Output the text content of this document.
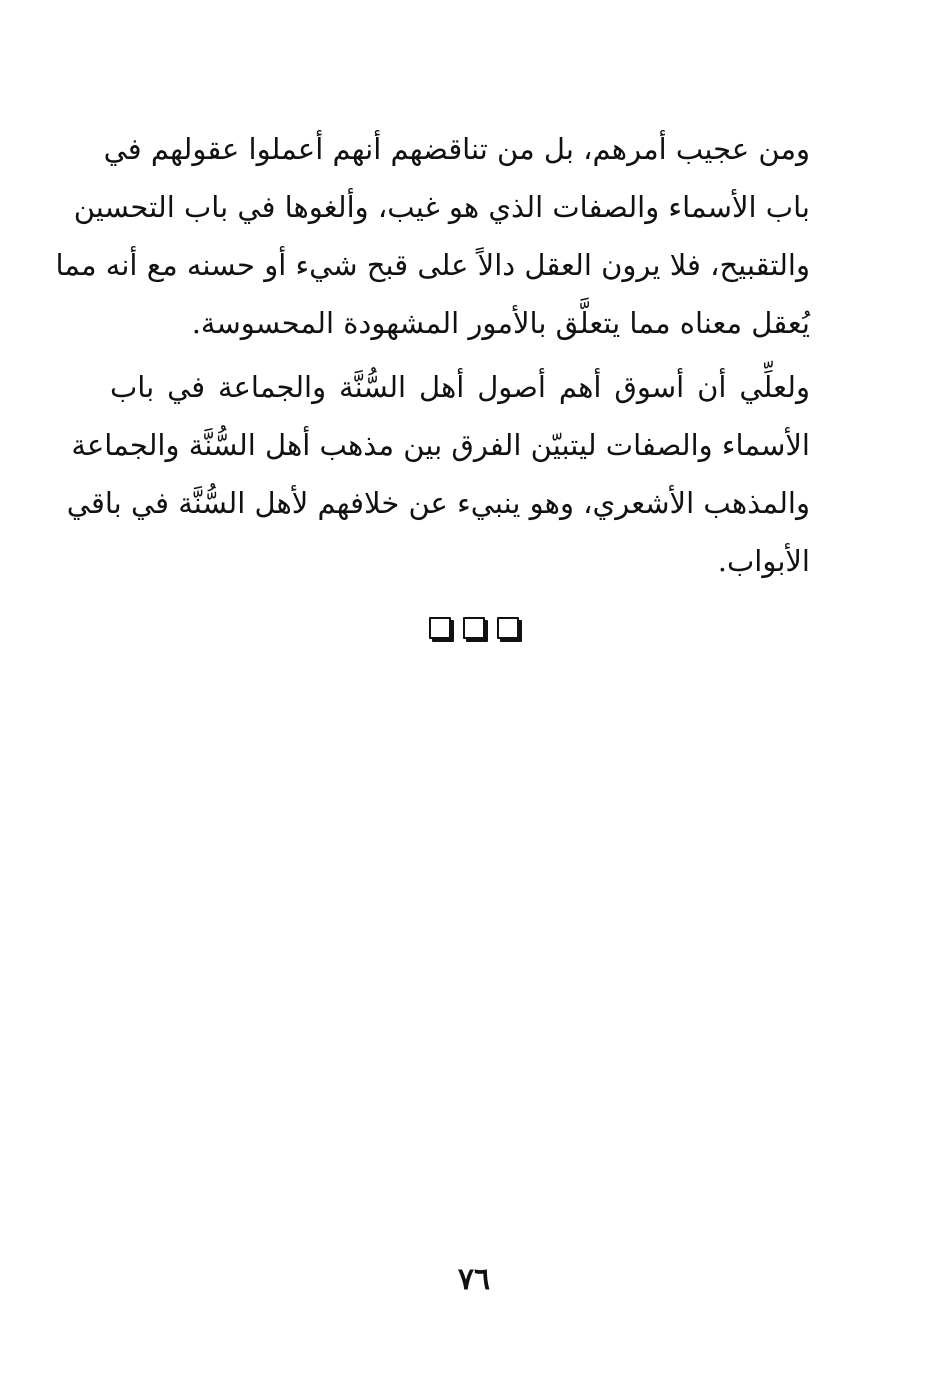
ومن عجيب أمرهم، بل من تناقضهم أنهم أعملوا عقولهم في
باب الأسماء والصفات الذي هو غيب، وألغوها في باب التحسين
والتقبيح، فلا يرون العقل دالاً على قبح شيء أو حسنه مع أنه مما
يُعقل معناه مما يتعلَّق بالأمور المشهودة المحسوسة.
ولعلِّي أن أسوق أهم أصول أهل السُّنَّة والجماعة في باب
الأسماء والصفات ليتبيّن الفرق بين مذهب أهل السُّنَّة والجماعة
والمذهب الأشعري، وهو ينبيء عن خلافهم لأهل السُّنَّة في باقي
الأبواب.
٧٦
